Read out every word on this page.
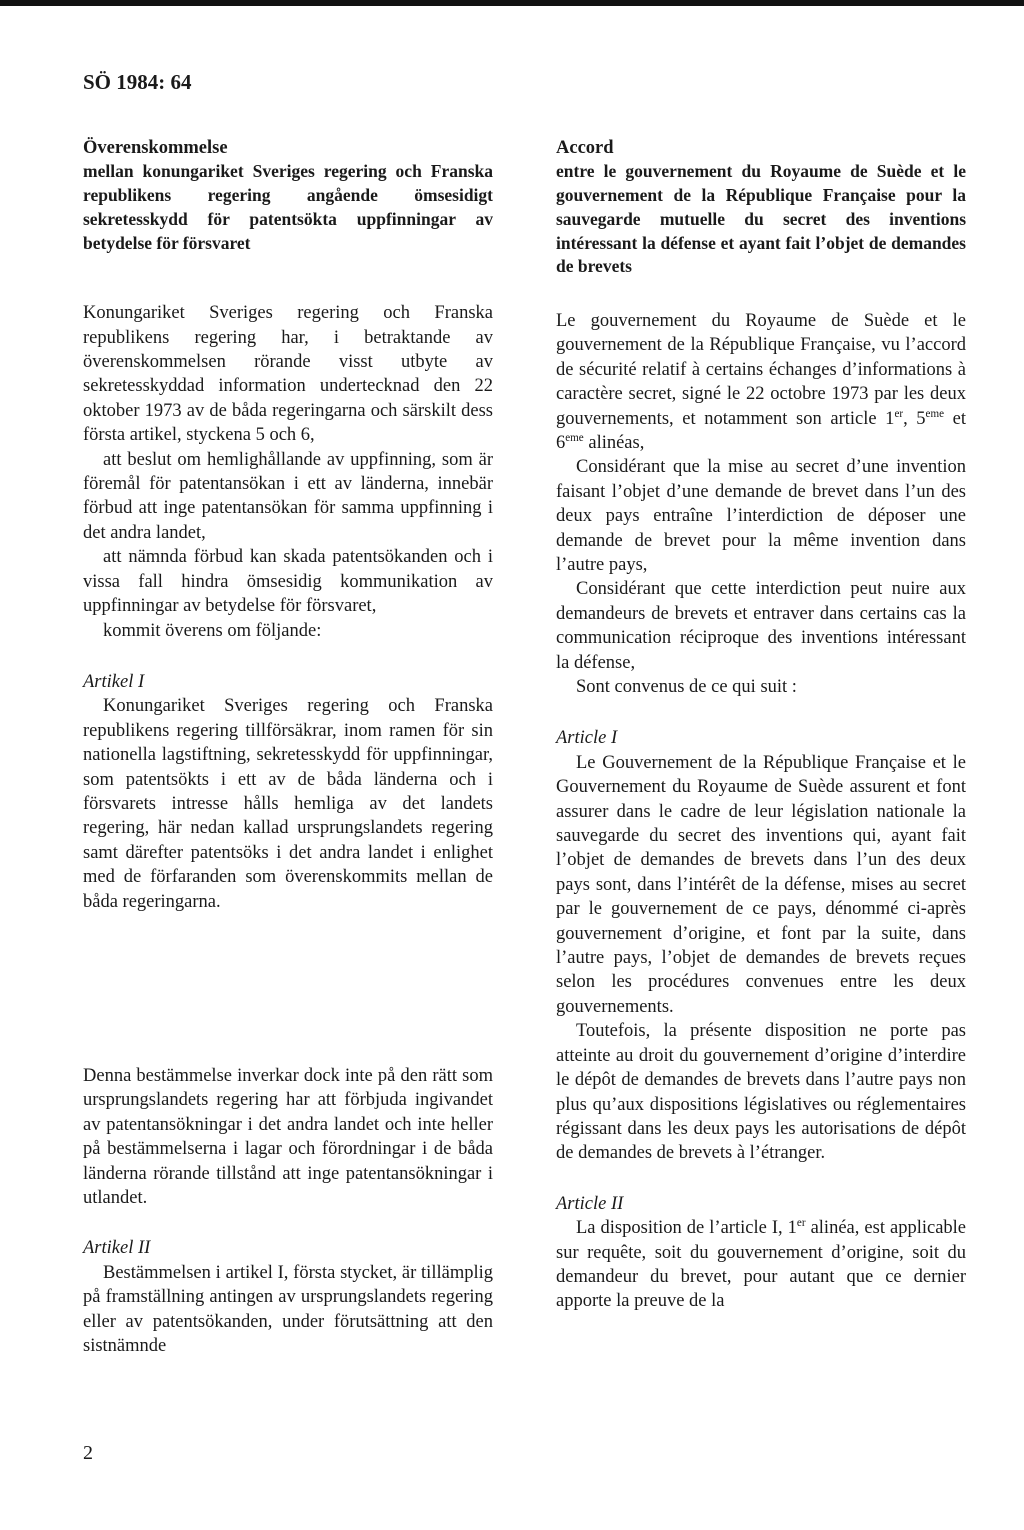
SÖ 1984: 64

Överenskommelse

mellan konungariket Sveriges regering och Franska republikens regering angående ömsesidigt sekretesskydd för patentsökta uppfinningar av betydelse för försvaret

Konungariket Sveriges regering och Franska republikens regering har, i betraktande av överenskommelsen rörande visst utbyte av sekretesskyddad information undertecknad den 22 oktober 1973 av de båda regeringarna och särskilt dess första artikel, styckena 5 och 6,

att beslut om hemlighållande av uppfinning, som är föremål för patentansökan i ett av länderna, innebär förbud att inge patentansökan för samma uppfinning i det andra landet,

att nämnda förbud kan skada patentsökanden och i vissa fall hindra ömsesidig kommunikation av uppfinningar av betydelse för försvaret,

kommit överens om följande:

Artikel I

Konungariket Sveriges regering och Franska republikens regering tillförsäkrar, inom ramen för sin nationella lagstiftning, sekretesskydd för uppfinningar, som patentsökts i ett av de båda länderna och i försvarets intresse hålls hemliga av det landets regering, här nedan kallad ursprungslandets regering samt därefter patentsöks i det andra landet i enlighet med de förfaranden som överenskommits mellan de båda regeringarna.

Denna bestämmelse inverkar dock inte på den rätt som ursprungslandets regering har att förbjuda ingivandet av patentansökningar i det andra landet och inte heller på bestämmelserna i lagar och förordningar i de båda länderna rörande tillstånd att inge patentansökningar i utlandet.

Artikel II

Bestämmelsen i artikel I, första stycket, är tillämplig på framställning antingen av ursprungslandets regering eller av patentsökanden, under förutsättning att den sistnämnde

Accord

entre le gouvernement du Royaume de Suède et le gouvernement de la République Française pour la sauvegarde mutuelle du secret des inventions intéressant la défense et ayant fait l’objet de demandes de brevets

Le gouvernement du Royaume de Suède et le gouvernement de la République Française, vu l’accord de sécurité relatif à certains échanges d’informations à caractère secret, signé le 22 octobre 1973 par les deux gouvernements, et notamment son article 1er, 5eme et 6eme alinéas,

Considérant que la mise au secret d’une invention faisant l’objet d’une demande de brevet dans l’un des deux pays entraîne l’interdiction de déposer une demande de brevet pour la même invention dans l’autre pays,

Considérant que cette interdiction peut nuire aux demandeurs de brevets et entraver dans certains cas la communication réciproque des inventions intéressant la défense,

Sont convenus de ce qui suit :

Article I

Le Gouvernement de la République Française et le Gouvernement du Royaume de Suède assurent et font assurer dans le cadre de leur législation nationale la sauvegarde du secret des inventions qui, ayant fait l’objet de demandes de brevets dans l’un des deux pays sont, dans l’intérêt de la défense, mises au secret par le gouvernement de ce pays, dénommé ci-après gouvernement d’origine, et font par la suite, dans l’autre pays, l’objet de demandes de brevets reçues selon les procédures convenues entre les deux gouvernements.

Toutefois, la présente disposition ne porte pas atteinte au droit du gouvernement d’origine d’interdire le dépôt de demandes de brevets dans l’autre pays non plus qu’aux dispositions législatives ou réglementaires régissant dans les deux pays les autorisations de dépôt de demandes de brevets à l’étranger.

Article II

La disposition de l’article I, 1er alinéa, est applicable sur requête, soit du gouvernement d’origine, soit du demandeur du brevet, pour autant que ce dernier apporte la preuve de la

2
